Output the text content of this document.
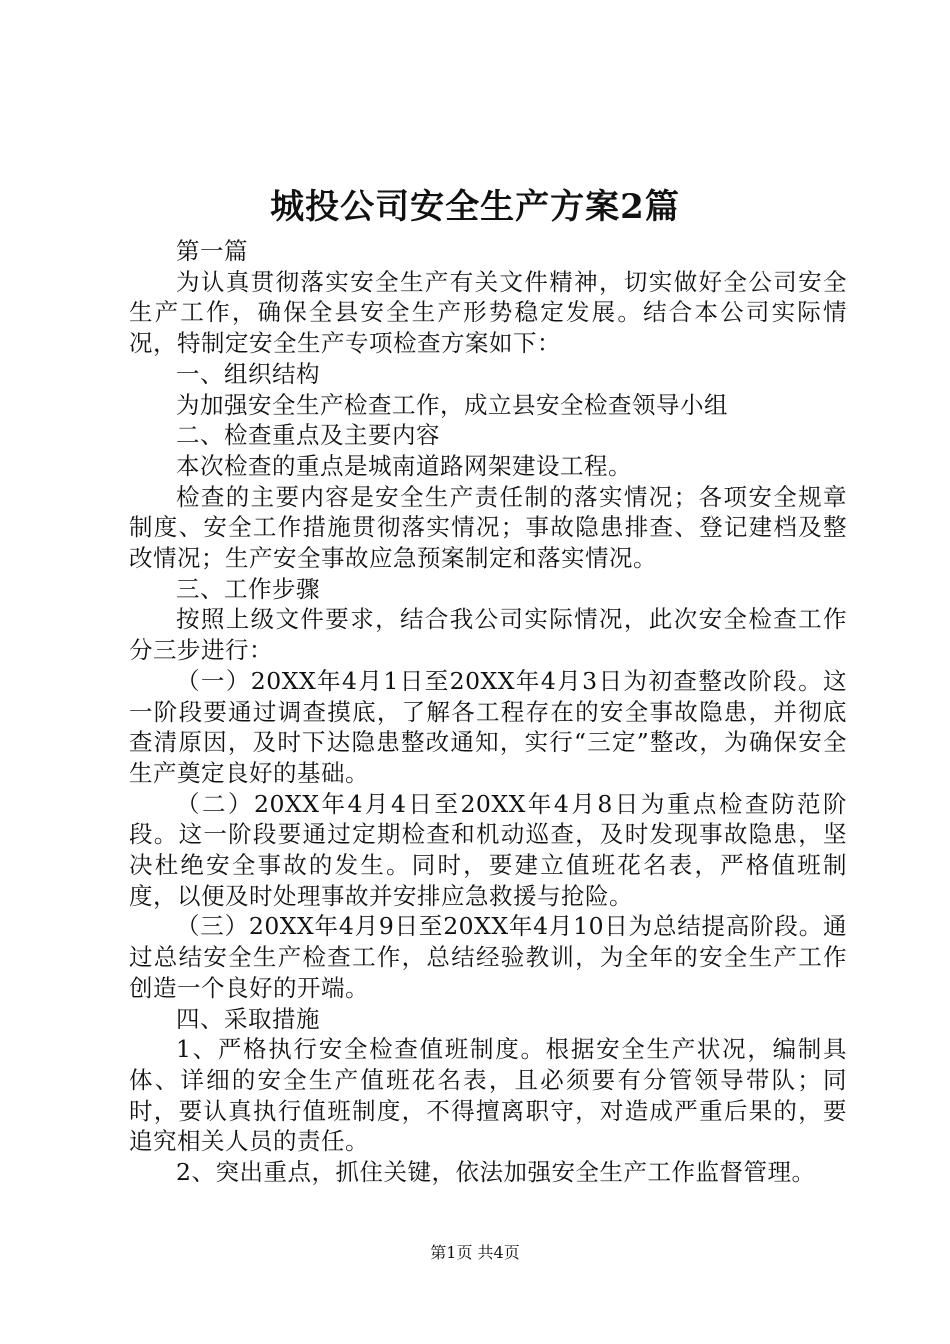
城投公司安全生产方案2篇

第一篇

为认真贯彻落实安全生产有关文件精神，切实做好全公司安全生产工作，确保全县安全生产形势稳定发展。结合本公司实际情况，特制定安全生产专项检查方案如下：

一、组织结构

为加强安全生产检查工作，成立县安全检查领导小组

二、检查重点及主要内容

本次检查的重点是城南道路网架建设工程。

检查的主要内容是安全生产责任制的落实情况；各项安全规章制度、安全工作措施贯彻落实情况；事故隐患排查、登记建档及整改情况；生产安全事故应急预案制定和落实情况。

三、工作步骤

按照上级文件要求，结合我公司实际情况，此次安全检查工作分三步进行：

（一）20XX年4月1日至20XX年4月3日为初查整改阶段。这一阶段要通过调查摸底，了解各工程存在的安全事故隐患，并彻底查清原因，及时下达隐患整改通知，实行“三定”整改，为确保安全生产奠定良好的基础。

（二）20XX年4月4日至20XX年4月8日为重点检查防范阶段。这一阶段要通过定期检查和机动巡查，及时发现事故隐患，坚决杜绝安全事故的发生。同时，要建立值班花名表，严格值班制度，以便及时处理事故并安排应急救援与抢险。

（三）20XX年4月9日至20XX年4月10日为总结提高阶段。通过总结安全生产检查工作，总结经验教训，为全年的安全生产工作创造一个良好的开端。

四、采取措施

1、严格执行安全检查值班制度。根据安全生产状况，编制具体、详细的安全生产值班花名表，且必须要有分管领导带队；同时，要认真执行值班制度，不得擅离职守，对造成严重后果的，要追究相关人员的责任。

2、突出重点，抓住关键，依法加强安全生产工作监督管理。

第1页 共4页
